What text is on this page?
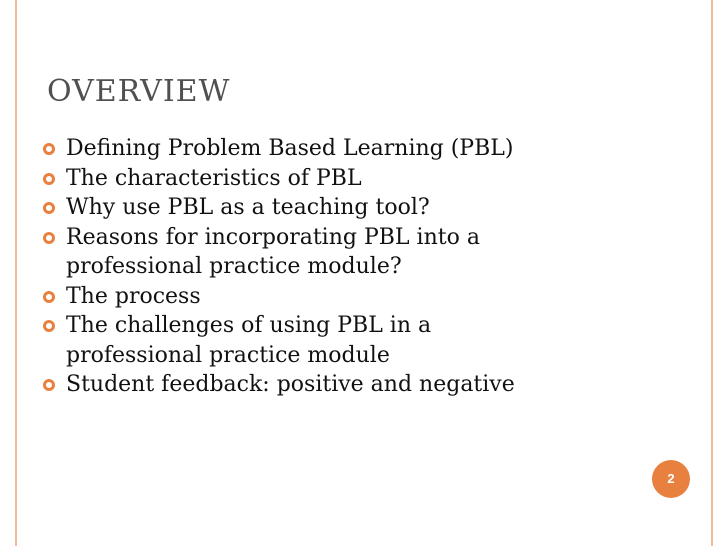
OVERVIEW
Defining Problem Based Learning (PBL)
The characteristics of PBL
Why use PBL as a teaching tool?
Reasons for incorporating PBL into a
professional practice module?
The process
The challenges of using PBL in a
professional practice module
Student feedback: positive and negative
2
